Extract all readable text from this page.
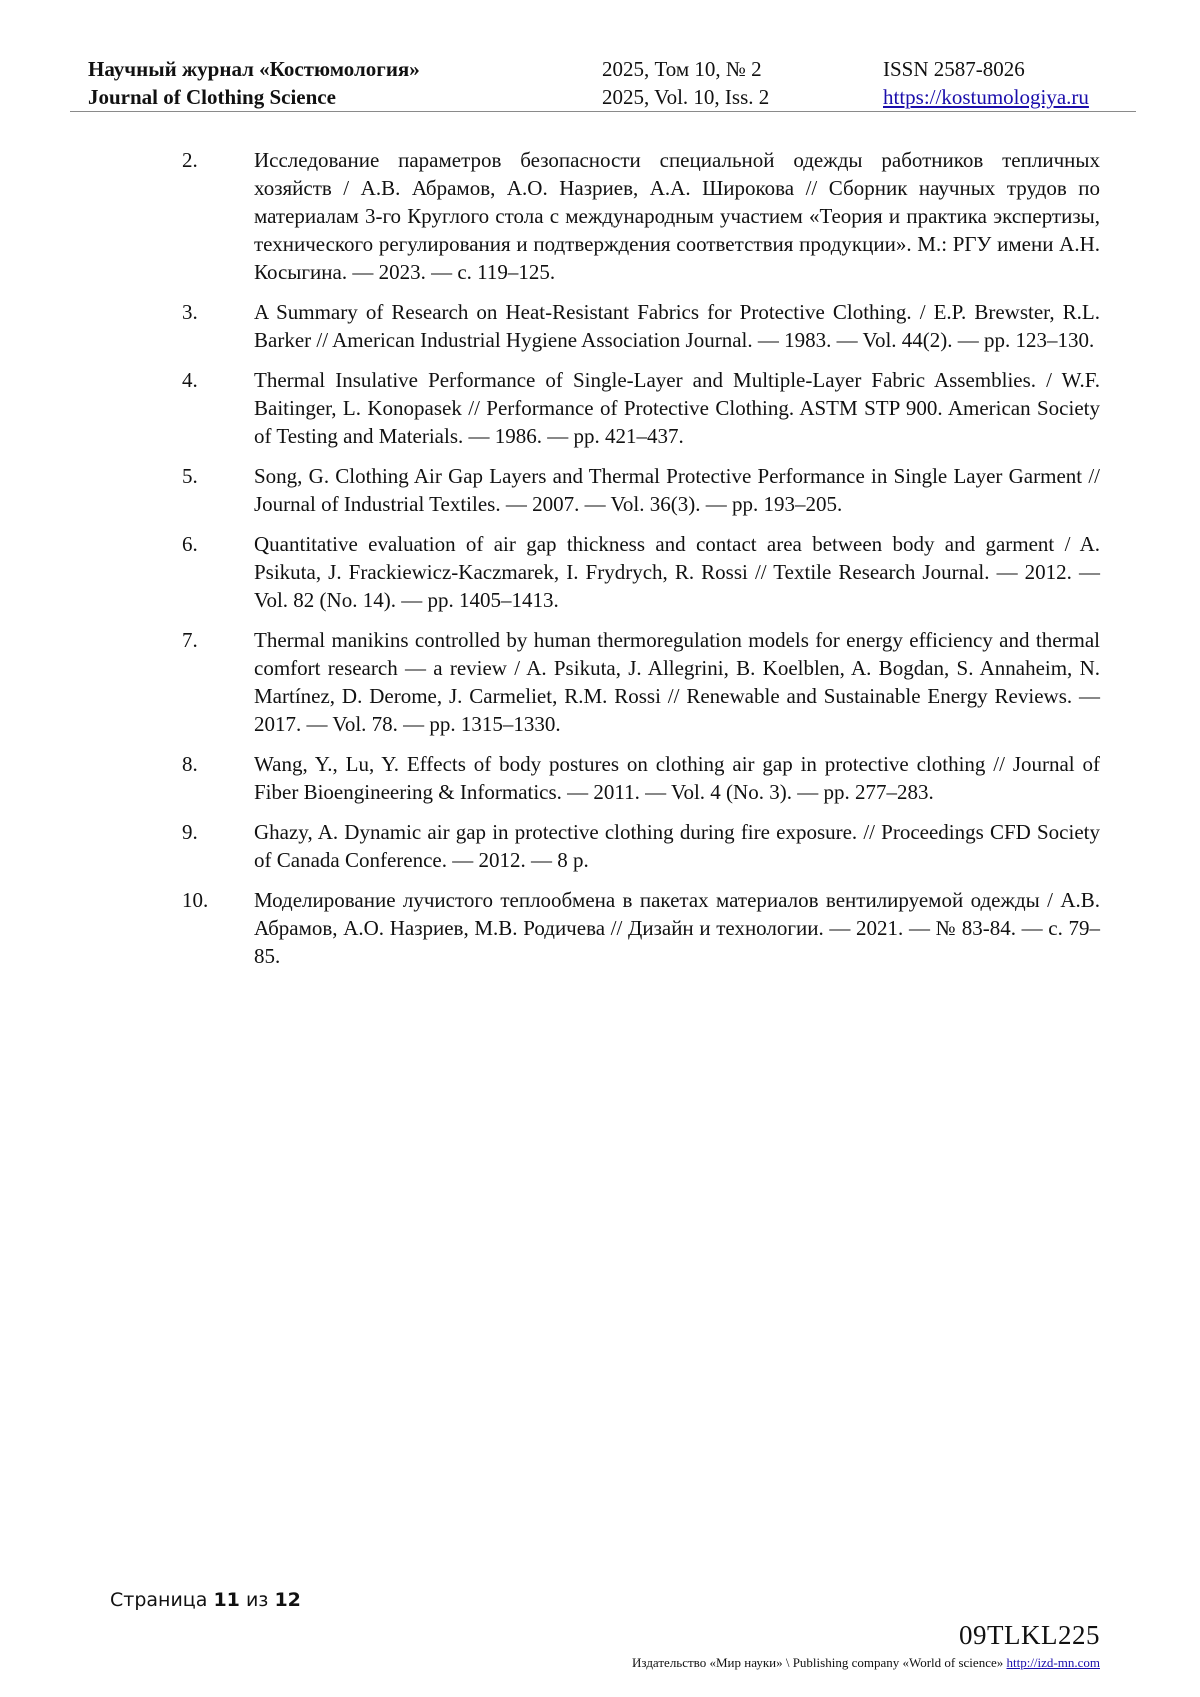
Научный журнал «Костюмология»
Journal of Clothing Science
2025, Том 10, № 2
2025, Vol. 10, Iss. 2
ISSN 2587-8026
https://kostumologiya.ru
2.	Исследование параметров безопасности специальной одежды работников тепличных хозяйств / А.В. Абрамов, А.О. Назриев, А.А. Широкова // Сборник научных трудов по материалам 3-го Круглого стола с международным участием «Теория и практика экспертизы, технического регулирования и подтверждения соответствия продукции». М.: РГУ имени А.Н. Косыгина. — 2023. — с. 119–125.
3.	A Summary of Research on Heat-Resistant Fabrics for Protective Clothing. / E.P. Brewster, R.L. Barker // American Industrial Hygiene Association Journal. — 1983. — Vol. 44(2). — pp. 123–130.
4.	Thermal Insulative Performance of Single-Layer and Multiple-Layer Fabric Assemblies. / W.F. Baitinger, L. Konopasek // Performance of Protective Clothing. ASTM STP 900. American Society of Testing and Materials. — 1986. — pp. 421–437.
5.	Song, G. Clothing Air Gap Layers and Thermal Protective Performance in Single Layer Garment // Journal of Industrial Textiles. — 2007. — Vol. 36(3). — pp. 193–205.
6.	Quantitative evaluation of air gap thickness and contact area between body and garment / A. Psikuta, J. Frackiewicz-Kaczmarek, I. Frydrych, R. Rossi // Textile Research Journal. — 2012. — Vol. 82 (No. 14). — pp. 1405–1413.
7.	Thermal manikins controlled by human thermoregulation models for energy efficiency and thermal comfort research — a review / A. Psikuta, J. Allegrini, B. Koelblen, A. Bogdan, S. Annaheim, N. Martínez, D. Derome, J. Carmeliet, R.M. Rossi // Renewable and Sustainable Energy Reviews. — 2017. — Vol. 78. — pp. 1315–1330.
8.	Wang, Y., Lu, Y. Effects of body postures on clothing air gap in protective clothing // Journal of Fiber Bioengineering & Informatics. — 2011. — Vol. 4 (No. 3). — pp. 277–283.
9.	Ghazy, A. Dynamic air gap in protective clothing during fire exposure. // Proceedings CFD Society of Canada Conference. — 2012. — 8 p.
10. Моделирование лучистого теплообмена в пакетах материалов вентилируемой одежды / А.В. Абрамов, А.О. Назриев, М.В. Родичева // Дизайн и технологии. — 2021. — № 83-84. — с. 79–85.
Страница 11 из 12
09TLKL225
Издательство «Мир науки» \ Publishing company «World of science» http://izd-mn.com
